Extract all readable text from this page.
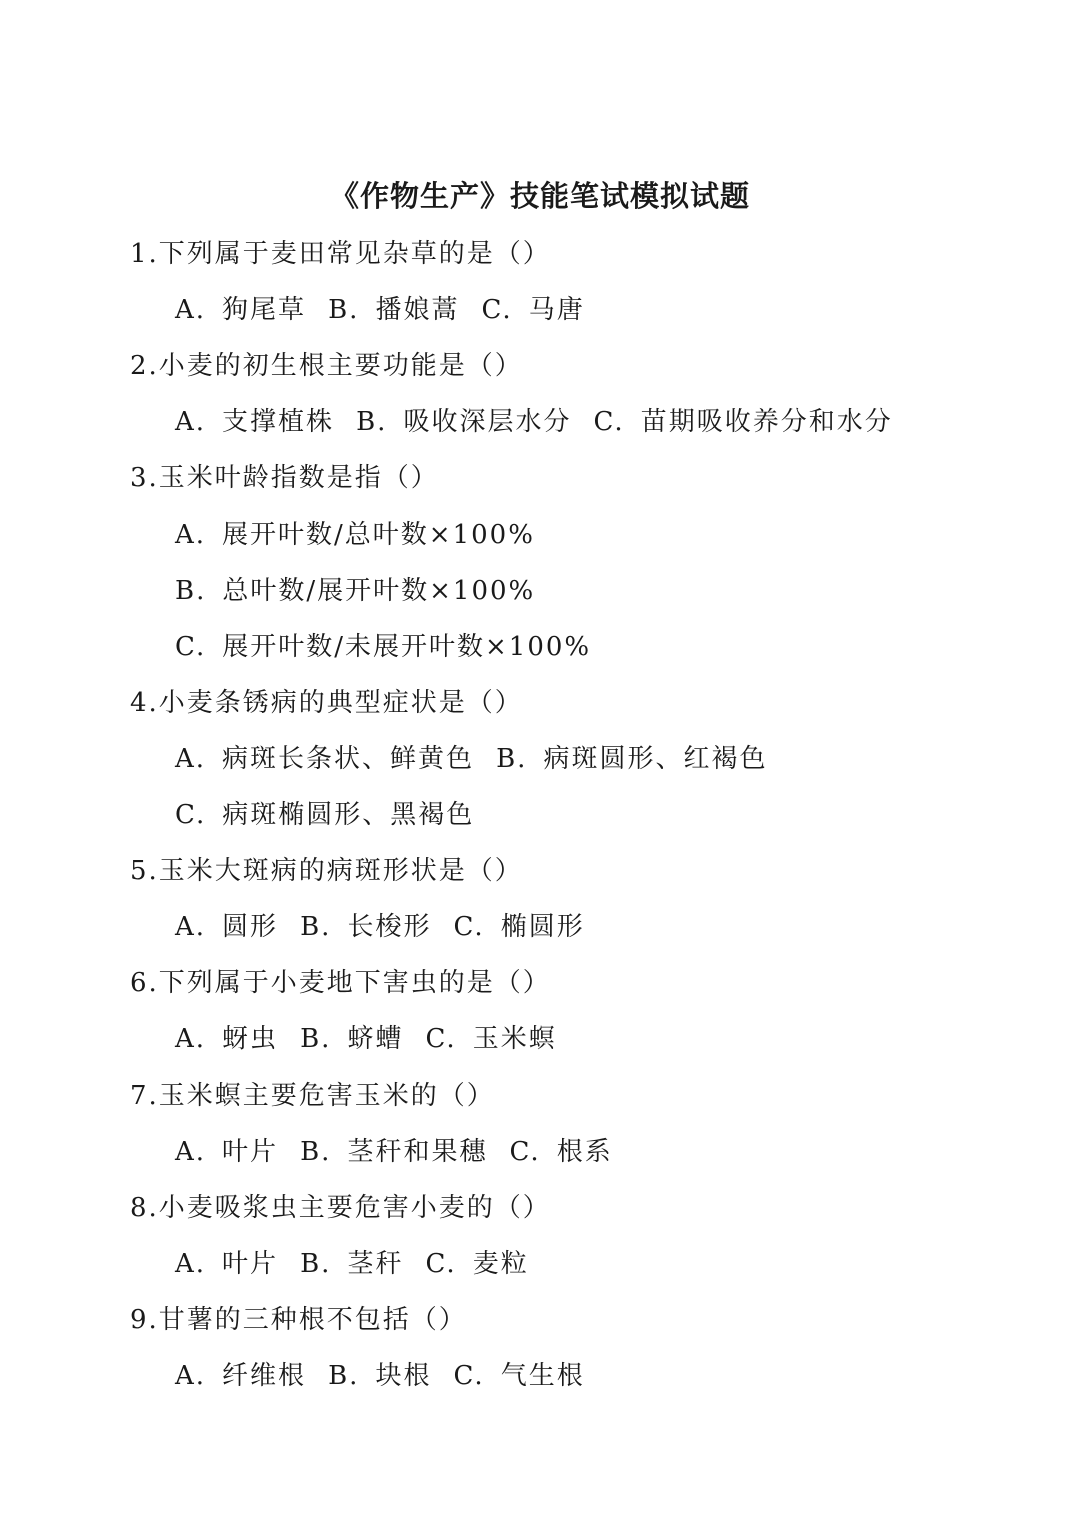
《作物生产》技能笔试模拟试题
1.下列属于麦田常见杂草的是（）
A. 狗尾草 B. 播娘蒿 C. 马唐
2.小麦的初生根主要功能是（）
A. 支撑植株 B. 吸收深层水分 C. 苗期吸收养分和水分
3.玉米叶龄指数是指（）
A. 展开叶数/总叶数×100%
B. 总叶数/展开叶数×100%
C. 展开叶数/未展开叶数×100%
4.小麦条锈病的典型症状是（）
A. 病斑长条状、鲜黄色 B. 病斑圆形、红褐色
C. 病斑椭圆形、黑褐色
5.玉米大斑病的病斑形状是（）
A. 圆形 B. 长梭形 C. 椭圆形
6.下列属于小麦地下害虫的是（）
A. 蚜虫 B. 蛴螬 C. 玉米螟
7.玉米螟主要危害玉米的（）
A. 叶片 B. 茎秆和果穗 C. 根系
8.小麦吸浆虫主要危害小麦的（）
A. 叶片 B. 茎秆 C. 麦粒
9.甘薯的三种根不包括（）
A. 纤维根 B. 块根 C. 气生根
